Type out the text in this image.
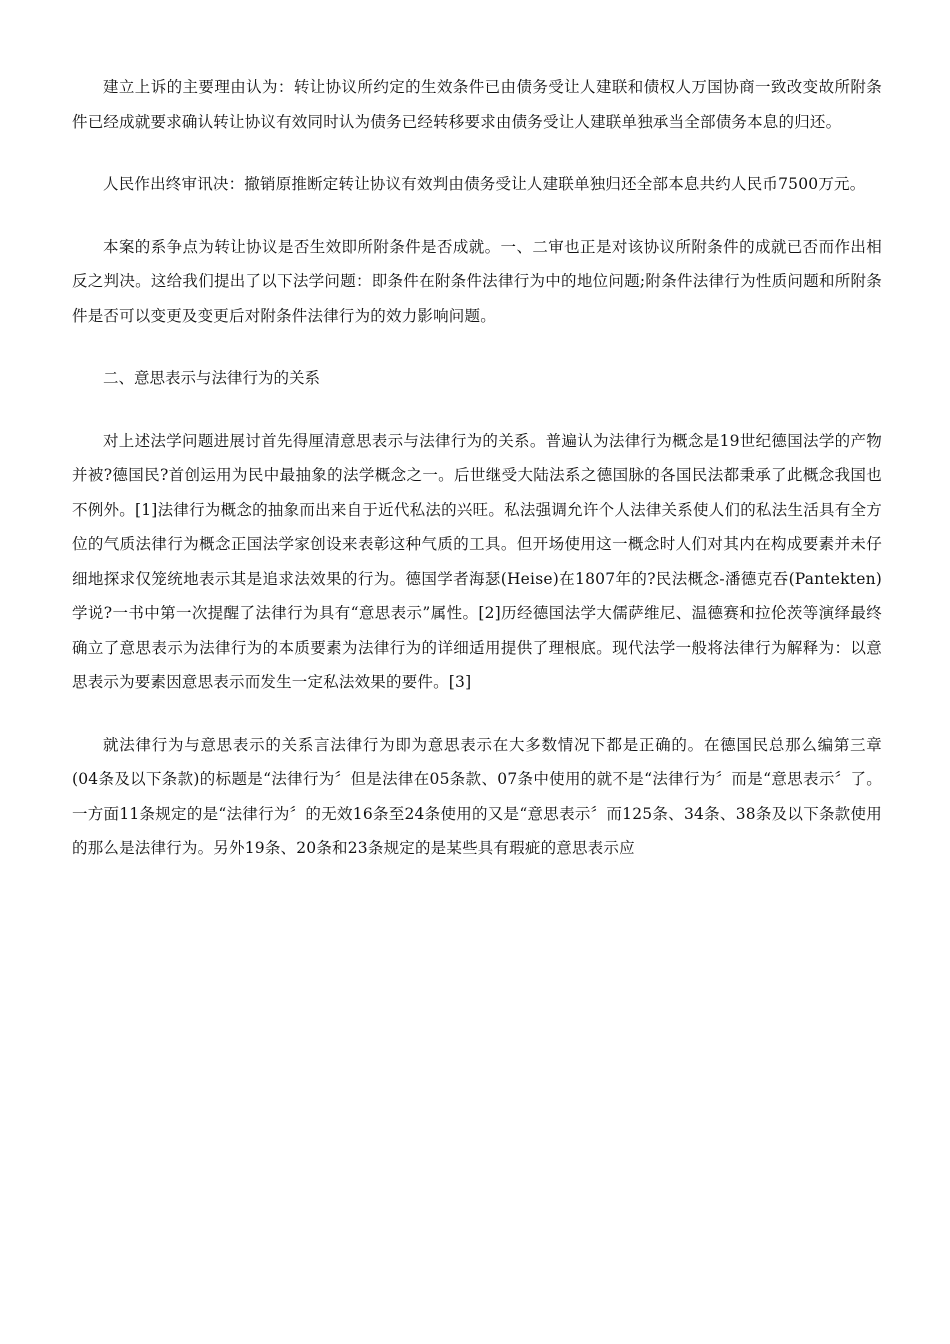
建立上诉的主要理由认为：转让协议所约定的生效条件已由债务受让人建联和债权人万国协商一致改变故所附条件已经成就要求确认转让协议有效同时认为债务已经转移要求由债务受让人建联单独承当全部债务本息的归还。

人民作出终审讯决：撤销原推断定转让协议有效判由债务受让人建联单独归还全部本息共约人民币7500万元。

本案的系争点为转让协议是否生效即所附条件是否成就。一、二审也正是对该协议所附条件的成就已否而作出相反之判决。这给我们提出了以下法学问题：即条件在附条件法律行为中的地位问题;附条件法律行为性质问题和所附条件是否可以变更及变更后对附条件法律行为的效力影响问题。

二、意思表示与法律行为的关系

对上述法学问题进展讨首先得厘清意思表示与法律行为的关系。普遍认为法律行为概念是19世纪德国法学的产物并被?德国民?首创运用为民中最抽象的法学概念之一。后世继受大陆法系之德国脉的各国民法都秉承了此概念我国也不例外。[1]法律行为概念的抽象而出来自于近代私法的兴旺。私法强调允许个人法律关系使人们的私法生活具有全方位的气质法律行为概念正国法学家创设来表彰这种气质的工具。但开场使用这一概念时人们对其内在构成要素并未仔细地探求仅笼统地表示其是追求法效果的行为。德国学者海瑟(Heise)在1807年的?民法概念-潘德克吞(Pantekten)学说?一书中第一次提醒了法律行为具有“意思表示”属性。[2]历经德国法学大儒萨维尼、温德赛和拉伦茨等演绎最终确立了意思表示为法律行为的本质要素为法律行为的详细适用提供了理根底。现代法学一般将法律行为解释为：以意思表示为要素因意思表示而发生一定私法效果的要件。[3]

就法律行为与意思表示的关系言法律行为即为意思表示在大多数情况下都是正确的。在德国民总那么编第三章(04条及以下条款)的标题是“法律行为〞但是法律在05条款、07条中使用的就不是“法律行为〞而是“意思表示〞了。一方面11条规定的是“法律行为〞的无效16条至24条使用的又是“意思表示〞而125条、34条、38条及以下条款使用的那么是法律行为。另外19条、20条和23条规定的是某些具有瑕疵的意思表示应
